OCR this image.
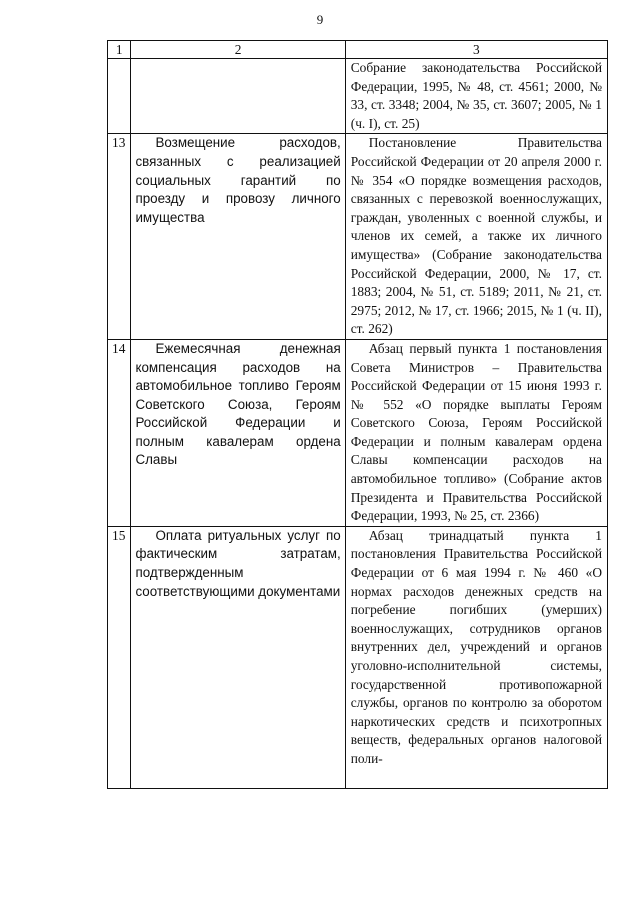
9
1	2	3
		Собрание законодательства Российской Федерации, 1995, № 48, ст. 4561; 2000, № 33, ст. 3348; 2004, № 35, ст. 3607; 2005, № 1 (ч. I), ст. 25)
13	Возмещение расходов, связанных с реализацией социальных гарантий по проезду и провозу личного имущества	Постановление Правительства Российской Федерации от 20 апреля 2000 г. № 354 «О порядке возмещения расходов, связанных с перевозкой военнослужащих, граждан, уволенных с военной службы, и членов их семей, а также их личного имущества» (Собрание законодательства Российской Федерации, 2000, № 17, ст. 1883; 2004, № 51, ст. 5189; 2011, № 21, ст. 2975; 2012, № 17, ст. 1966; 2015, № 1 (ч. II), ст. 262)
14	Ежемесячная денежная компенсация расходов на автомобильное топливо Героям Советского Союза, Героям Российской Федерации и полным кавалерам ордена Славы	Абзац первый пункта 1 постановления Совета Министров – Правительства Российской Федерации от 15 июня 1993 г. № 552 «О порядке выплаты Героям Советского Союза, Героям Российской Федерации и полным кавалерам ордена Славы компенсации расходов на автомобильное топливо» (Собрание актов Президента и Правительства Российской Федерации, 1993, № 25, ст. 2366)
15	Оплата ритуальных услуг по фактическим затратам, подтвержденным соответствующими документами	Абзац тринадцатый пункта 1 постановления Правительства Российской Федерации от 6 мая 1994 г. № 460 «О нормах расходов денежных средств на погребение погибших (умерших) военнослужащих, сотрудников органов внутренних дел, учреждений и органов уголовно-исполнительной системы, государственной противопожарной службы, органов по контролю за оборотом наркотических средств и психотропных веществ, федеральных органов налоговой поли-
